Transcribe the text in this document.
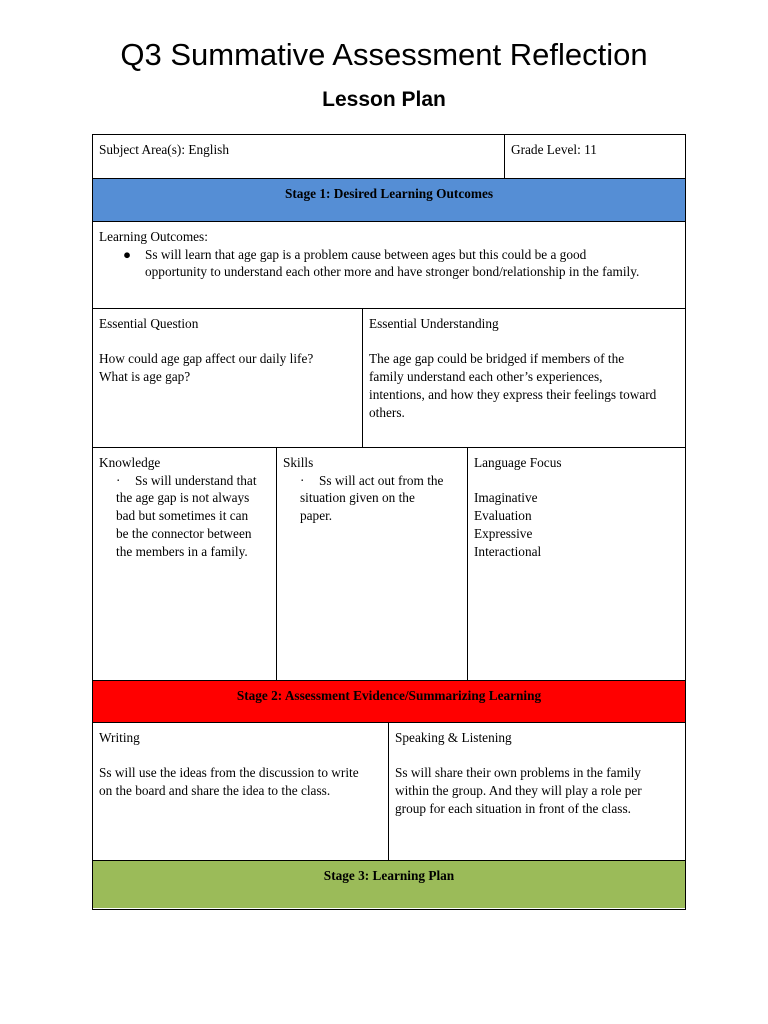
Q3 Summative Assessment Reflection
Lesson Plan
Subject Area(s): English	Grade Level: 11
Stage 1: Desired Learning Outcomes
Learning Outcomes:
● Ss will learn that age gap is a problem cause between ages but this could be a good
opportunity to understand each other more and have stronger bond/relationship in the family.
Essential Question
How could age gap affect our daily life?
What is age gap?
Essential Understanding
The age gap could be bridged if members of the
family understand each other’s experiences,
intentions, and how they express their feelings toward
others.
Knowledge
· Ss will understand that
the age gap is not always
bad but sometimes it can
be the connector between
the members in a family.
Skills
· Ss will act out from the
situation given on the
paper.
Language Focus
Imaginative
Evaluation
Expressive
Interactional
Stage 2: Assessment Evidence/Summarizing Learning
Writing
Ss will use the ideas from the discussion to write
on the board and share the idea to the class.
Speaking & Listening
Ss will share their own problems in the family
within the group. And they will play a role per
group for each situation in front of the class.
Stage 3: Learning Plan
